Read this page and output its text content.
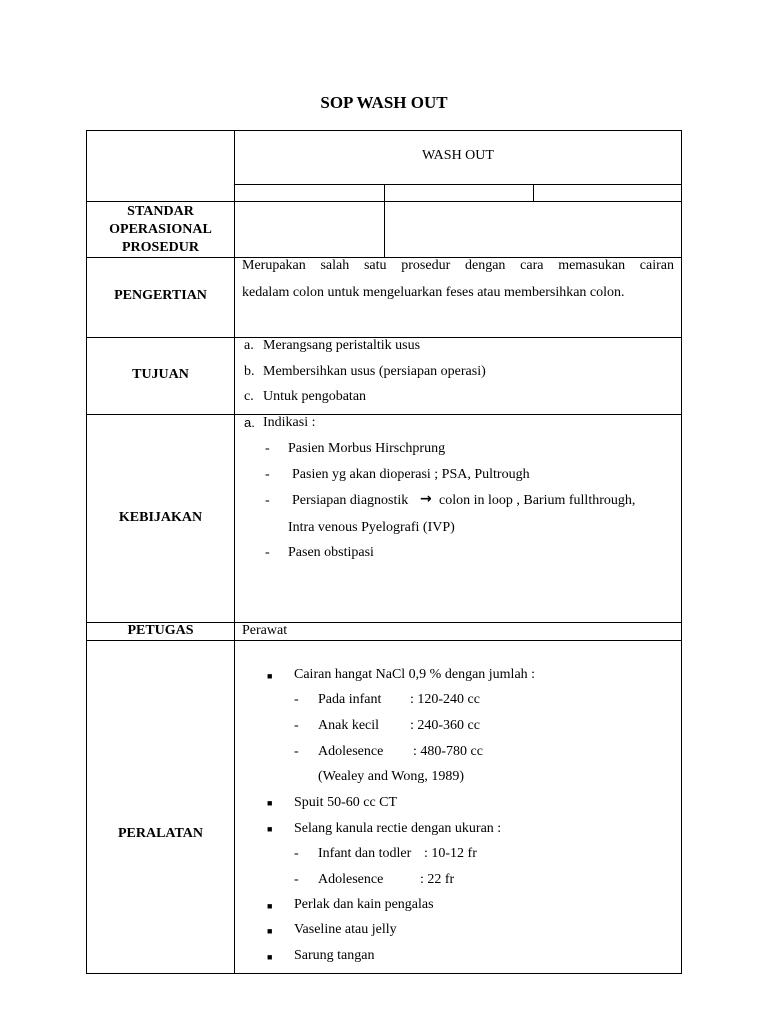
SOP WASH OUT
WASH OUT
STANDAR
OPERASIONAL
PROSEDUR
PENGERTIAN
Merupakan salah satu prosedur dengan cara memasukan cairan
kedalam colon untuk mengeluarkan feses atau membersihkan colon.
TUJUAN
a. Merangsang peristaltik usus
b. Membersihkan usus (persiapan operasi)
c. Untuk pengobatan
KEBIJAKAN
a. Indikasi :
- Pasien Morbus Hirschprung
- Pasien yg akan dioperasi ; PSA, Pultrough
- Persiapan diagnostik → colon in loop , Barium fullthrough,
Intra venous Pyelografi (IVP)
- Pasen obstipasi
PETUGAS	Perawat
PERALATAN
■ Cairan hangat NaCl 0,9 % dengan jumlah :
- Pada infant : 120-240 cc
- Anak kecil : 240-360 cc
- Adolesence : 480-780 cc
(Wealey and Wong, 1989)
■ Spuit 50-60 cc CT
■ Selang kanula rectie dengan ukuran :
- Infant dan todler : 10-12 fr
- Adolesence	: 22 fr
■ Perlak dan kain pengalas
■ Vaseline atau jelly
■ Sarung tangan
